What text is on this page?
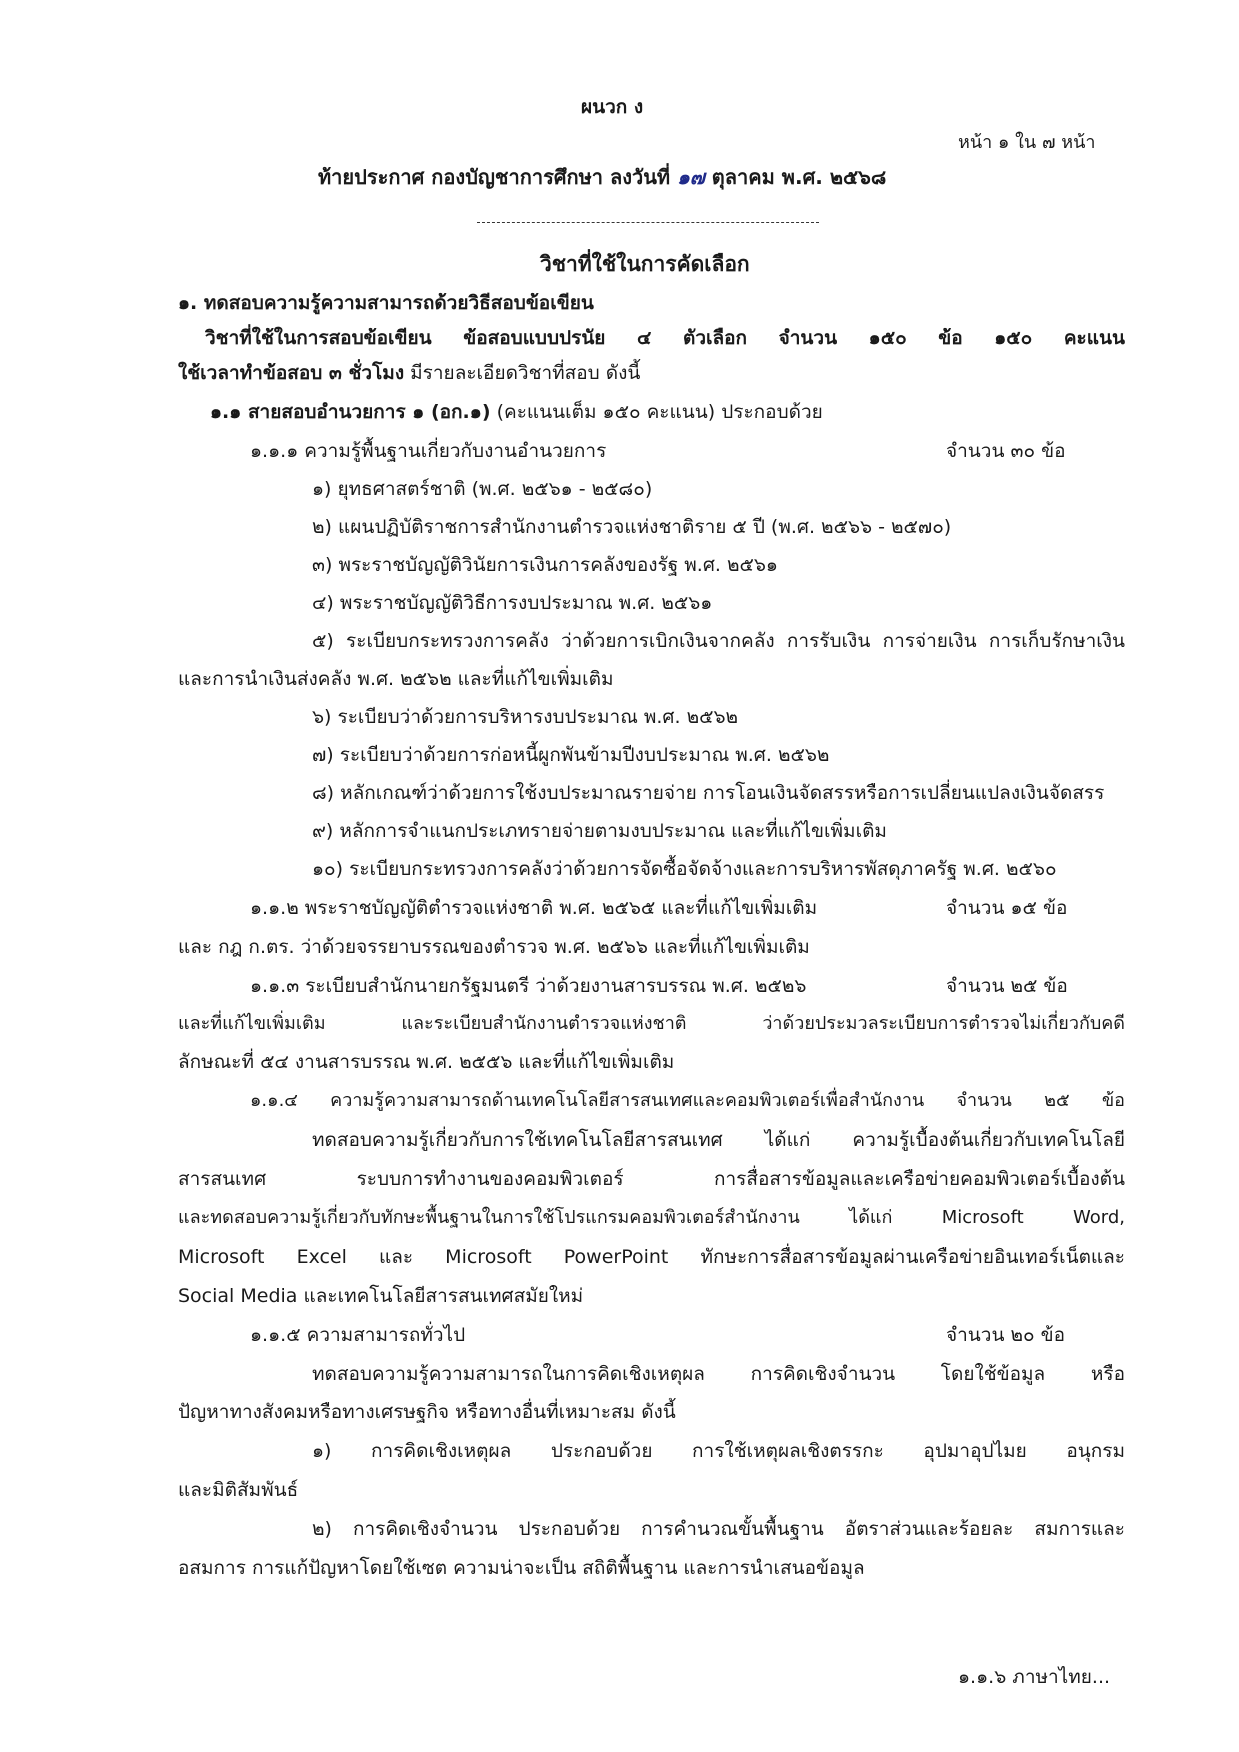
ผนวก ง
หน้า ๑ ใน ๗ หน้า
ท้ายประกาศ กองบัญชาการศึกษา ลงวันที่ ๑๗ ตุลาคม พ.ศ. ๒๕๖๘
วิชาที่ใช้ในการคัดเลือก
๑. ทดสอบความรู้ความสามารถด้วยวิธีสอบข้อเขียน
วิชาที่ใช้ในการสอบข้อเขียน ข้อสอบแบบปรนัย ๔ ตัวเลือก จำนวน ๑๕๐ ข้อ ๑๕๐ คะแนน
ใช้เวลาทำข้อสอบ ๓ ชั่วโมง มีรายละเอียดวิชาที่สอบ ดังนี้
๑.๑ สายสอบอำนวยการ ๑ (อก.๑) (คะแนนเต็ม ๑๕๐ คะแนน) ประกอบด้วย
๑.๑.๑ ความรู้พื้นฐานเกี่ยวกับงานอำนวยการ	จำนวน ๓๐ ข้อ
๑) ยุทธศาสตร์ชาติ (พ.ศ. ๒๕๖๑ - ๒๕๘๐)
๒) แผนปฏิบัติราชการสำนักงานตำรวจแห่งชาติราย ๕ ปี (พ.ศ. ๒๕๖๖ - ๒๕๗๐)
๓) พระราชบัญญัติวินัยการเงินการคลังของรัฐ พ.ศ. ๒๕๖๑
๔) พระราชบัญญัติวิธีการงบประมาณ พ.ศ. ๒๕๖๑
๕) ระเบียบกระทรวงการคลัง ว่าด้วยการเบิกเงินจากคลัง การรับเงิน การจ่ายเงิน การเก็บรักษาเงิน
และการนำเงินส่งคลัง พ.ศ. ๒๕๖๒ และที่แก้ไขเพิ่มเติม
๖) ระเบียบว่าด้วยการบริหารงบประมาณ พ.ศ. ๒๕๖๒
๗) ระเบียบว่าด้วยการก่อหนี้ผูกพันข้ามปีงบประมาณ พ.ศ. ๒๕๖๒
๘) หลักเกณฑ์ว่าด้วยการใช้งบประมาณรายจ่าย การโอนเงินจัดสรรหรือการเปลี่ยนแปลงเงินจัดสรร
๙) หลักการจำแนกประเภทรายจ่ายตามงบประมาณ และที่แก้ไขเพิ่มเติม
๑๐) ระเบียบกระทรวงการคลังว่าด้วยการจัดซื้อจัดจ้างและการบริหารพัสดุภาครัฐ พ.ศ. ๒๕๖๐
๑.๑.๒ พระราชบัญญัติตำรวจแห่งชาติ พ.ศ. ๒๕๖๕ และที่แก้ไขเพิ่มเติม	จำนวน ๑๕ ข้อ
และ กฎ ก.ตร. ว่าด้วยจรรยาบรรณของตำรวจ พ.ศ. ๒๕๖๖ และที่แก้ไขเพิ่มเติม
๑.๑.๓ ระเบียบสำนักนายกรัฐมนตรี ว่าด้วยงานสารบรรณ พ.ศ. ๒๕๒๖	จำนวน ๒๕ ข้อ
และที่แก้ไขเพิ่มเติม และระเบียบสำนักงานตำรวจแห่งชาติ ว่าด้วยประมวลระเบียบการตำรวจไม่เกี่ยวกับคดี
ลักษณะที่ ๕๔ งานสารบรรณ พ.ศ. ๒๕๕๖ และที่แก้ไขเพิ่มเติม
๑.๑.๔ ความรู้ความสามารถด้านเทคโนโลยีสารสนเทศและคอมพิวเตอร์เพื่อสำนักงาน จำนวน ๒๕ ข้อ
ทดสอบความรู้เกี่ยวกับการใช้เทคโนโลยีสารสนเทศ ได้แก่ ความรู้เบื้องต้นเกี่ยวกับเทคโนโลยี
สารสนเทศ ระบบการทำงานของคอมพิวเตอร์ การสื่อสารข้อมูลและเครือข่ายคอมพิวเตอร์เบื้องต้น
และทดสอบความรู้เกี่ยวกับทักษะพื้นฐานในการใช้โปรแกรมคอมพิวเตอร์สำนักงาน ได้แก่ Microsoft Word,
Microsoft Excel และ Microsoft PowerPoint ทักษะการสื่อสารข้อมูลผ่านเครือข่ายอินเทอร์เน็ตและ
Social Media และเทคโนโลยีสารสนเทศสมัยใหม่
๑.๑.๕ ความสามารถทั่วไป	จำนวน ๒๐ ข้อ
ทดสอบความรู้ความสามารถในการคิดเชิงเหตุผล การคิดเชิงจำนวน โดยใช้ข้อมูล หรือ
ปัญหาทางสังคมหรือทางเศรษฐกิจ หรือทางอื่นที่เหมาะสม ดังนี้
๑) การคิดเชิงเหตุผล ประกอบด้วย การใช้เหตุผลเชิงตรรกะ อุปมาอุปไมย อนุกรม
และมิติสัมพันธ์
๒) การคิดเชิงจำนวน ประกอบด้วย การคำนวณขั้นพื้นฐาน อัตราส่วนและร้อยละ สมการและ
อสมการ การแก้ปัญหาโดยใช้เซต ความน่าจะเป็น สถิติพื้นฐาน และการนำเสนอข้อมูล
๑.๑.๖ ภาษาไทย...
